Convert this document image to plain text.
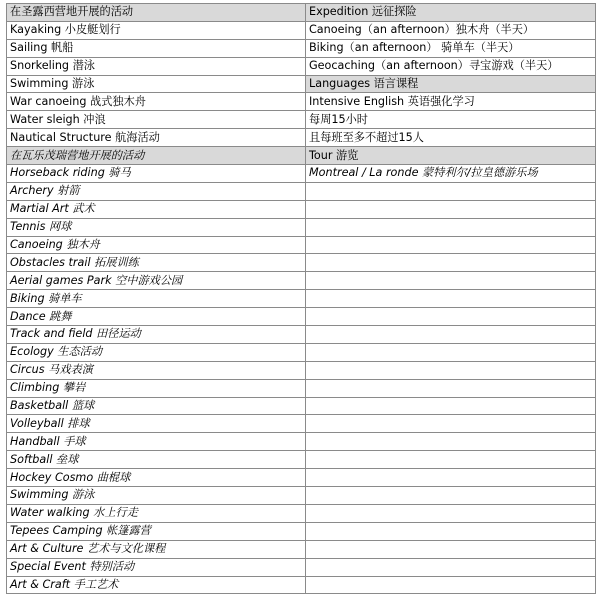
在圣露西营地开展的活动	Expedition 远征探险
Kayaking 小皮艇划行	Canoeing（an afternoon）独木舟（半天）
Sailing 帆船	Biking（an afternoon） 骑单车（半天）
Snorkeling 潜泳	Geocaching（an afternoon）寻宝游戏（半天）
Swimming 游泳	Languages 语言课程
War canoeing 战式独木舟	Intensive English 英语强化学习
Water sleigh 冲浪	每周15小时
Nautical Structure 航海活动	且每班至多不超过15人
在瓦乐茂瑞营地开展的活动	Tour 游览
Horseback riding 骑马	Montreal / La ronde 蒙特利尔/拉皇德游乐场
Archery 射箭	
Martial Art 武术	
Tennis 网球	
Canoeing 独木舟	
Obstacles trail 拓展训练	
Aerial games Park 空中游戏公园	
Biking 骑单车	
Dance 跳舞	
Track and field 田径运动	
Ecology 生态活动	
Circus 马戏表演	
Climbing 攀岩	
Basketball 篮球	
Volleyball 排球	
Handball 手球	
Softball 垒球	
Hockey Cosmo 曲棍球	
Swimming 游泳	
Water walking 水上行走	
Tepees Camping 帐篷露营	
Art & Culture 艺术与文化课程	
Special Event 特别活动	
Art & Craft 手工艺术	
